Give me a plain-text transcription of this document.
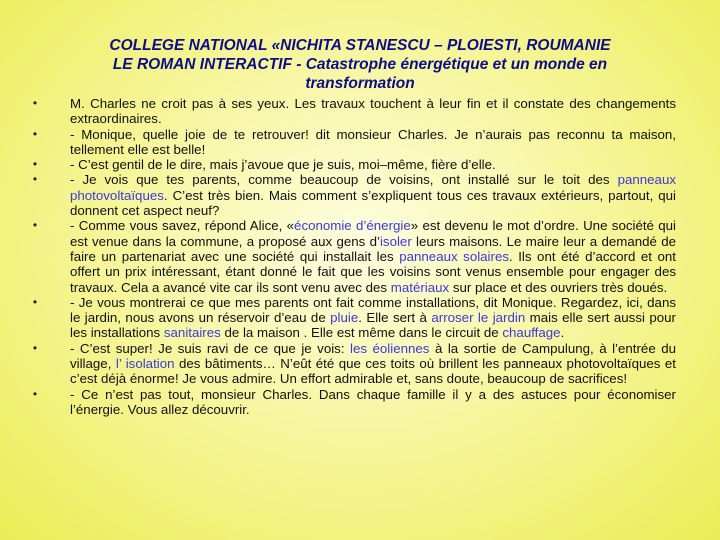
COLLEGE NATIONAL «NICHITA STANESCU – PLOIESTI, ROUMANIE
LE ROMAN INTERACTIF - Catastrophe énergétique et un monde en
transformation
•	M. Charles ne croit pas à ses yeux. Les travaux touchent à leur fin et il constate des changements extraordinaires.
•	- Monique, quelle joie de te retrouver! dit monsieur Charles. Je n’aurais pas reconnu ta maison, tellement elle est belle!
•	- C’est gentil de le dire, mais j’avoue que je suis, moi–même, fière d’elle.
•	- Je vois que tes parents, comme beaucoup de voisins, ont installé sur le toit des panneaux photovoltaïques. C’est très bien. Mais comment s’expliquent tous ces travaux extérieurs, partout, qui donnent cet aspect neuf?
•	- Comme vous savez, répond Alice, «économie d’énergie» est devenu le mot d’ordre. Une société qui est venue dans la commune, a proposé aux gens d’isoler leurs maisons. Le maire leur a demandé de faire un partenariat avec une société qui installait les panneaux solaires. Ils ont été d’accord et ont offert un prix intéressant, étant donné le fait que les voisins sont venus ensemble pour engager des travaux. Cela a avancé vite car ils sont venu avec des matériaux sur place et des ouvriers très doués.
•	- Je vous montrerai ce que mes parents ont fait comme installations, dit Monique. Regardez, ici, dans le jardin, nous avons un réservoir d’eau de pluie. Elle sert à arroser le jardin mais elle sert aussi pour les installations sanitaires de la maison . Elle est même dans le circuit de chauffage.
•	- C’est super! Je suis ravi de ce que je vois: les éoliennes à la sortie de Campulung, à l’entrée du village, l’ isolation des bâtiments… N’eût été que ces toits où brillent les panneaux photovoltaïques et c’est déjà énorme! Je vous admire. Un effort admirable et, sans doute, beaucoup de sacrifices!
•	- Ce n’est pas tout, monsieur Charles. Dans chaque famille il y a des astuces pour économiser l’énergie. Vous allez découvrir.
